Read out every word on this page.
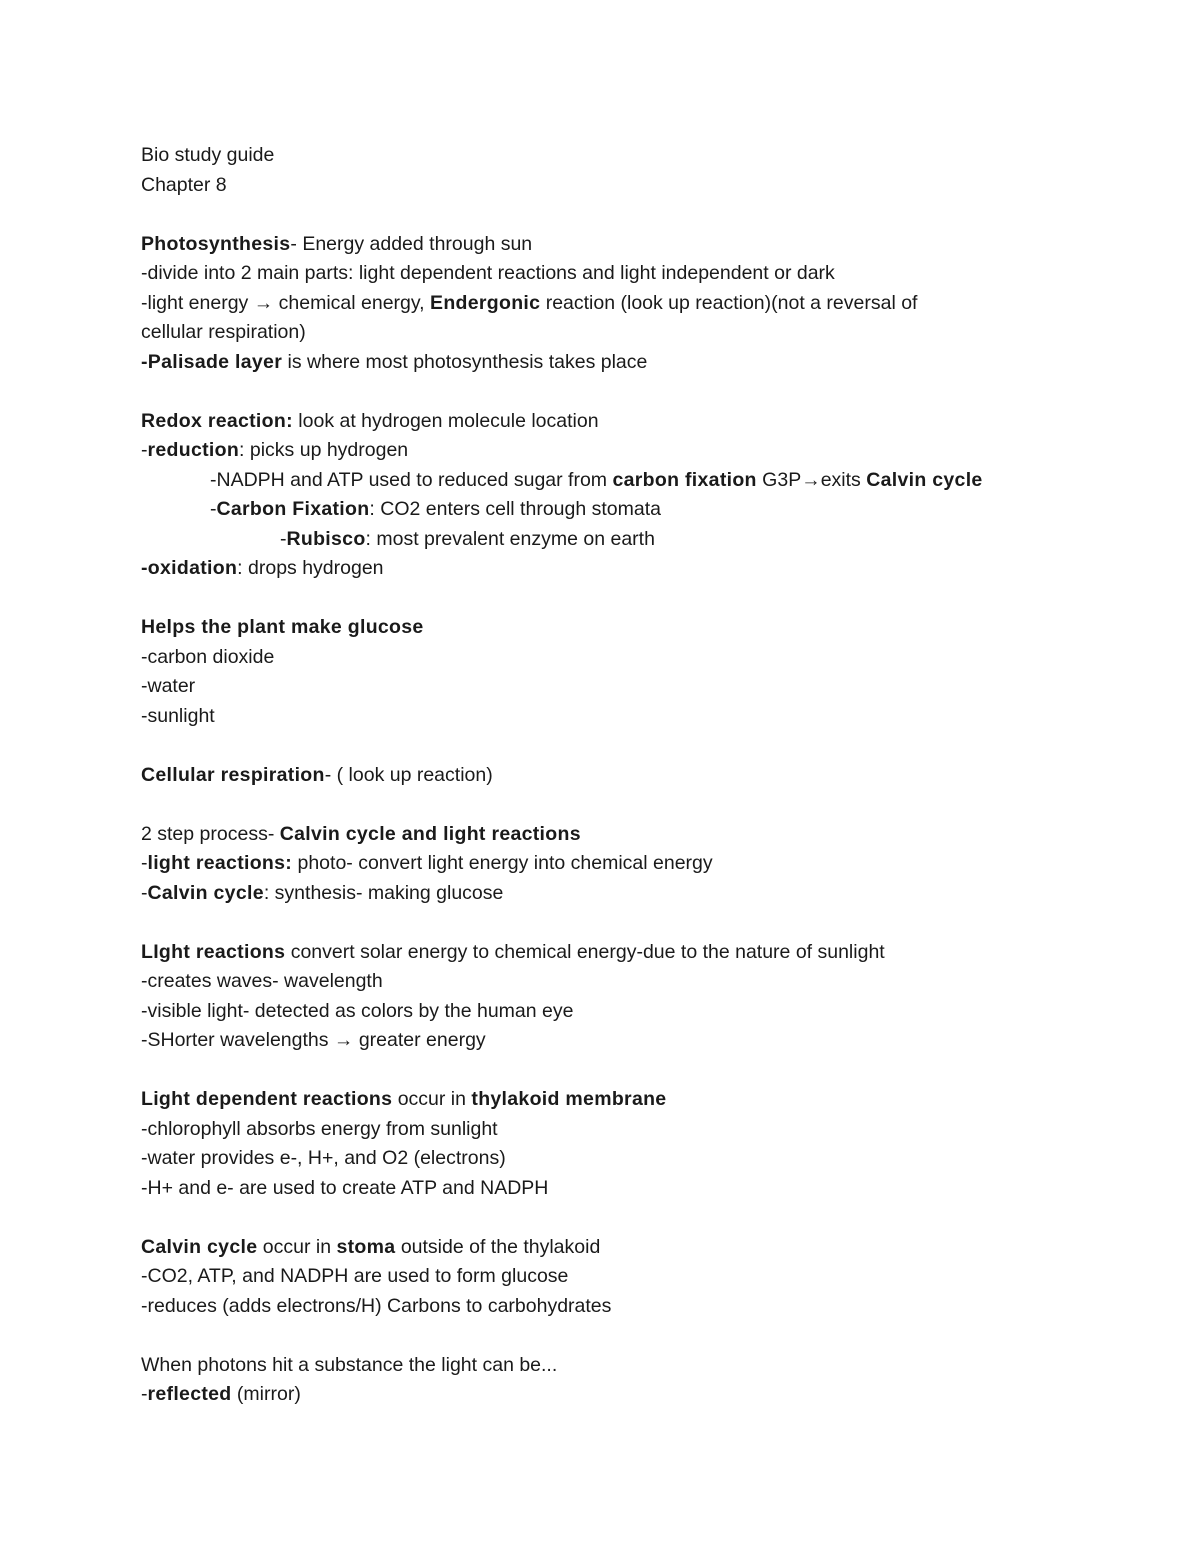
Bio study guide
Chapter 8
Photosynthesis- Energy added through sun
-divide into 2 main parts: light dependent reactions and light independent or dark
-light energy → chemical energy, Endergonic reaction (look up reaction)(not a reversal of
cellular respiration)
-Palisade layer is where most photosynthesis takes place
Redox reaction: look at hydrogen molecule location
-reduction: picks up hydrogen
-NADPH and ATP used to reduced sugar from carbon fixation G3P→exits Calvin cycle
-Carbon Fixation: CO2 enters cell through stomata
-Rubisco: most prevalent enzyme on earth
-oxidation: drops hydrogen
Helps the plant make glucose
-carbon dioxide
-water
-sunlight
Cellular respiration- ( look up reaction)
2 step process- Calvin cycle and light reactions
-light reactions: photo- convert light energy into chemical energy
-Calvin cycle: synthesis- making glucose
LIght reactions convert solar energy to chemical energy-due to the nature of sunlight
-creates waves- wavelength
-visible light- detected as colors by the human eye
-SHorter wavelengths → greater energy
Light dependent reactions occur in thylakoid membrane
-chlorophyll absorbs energy from sunlight
-water provides e-, H+, and O2 (electrons)
-H+ and e- are used to create ATP and NADPH
Calvin cycle occur in stoma outside of the thylakoid
-CO2, ATP, and NADPH are used to form glucose
-reduces (adds electrons/H) Carbons to carbohydrates
When photons hit a substance the light can be...
-reflected (mirror)
